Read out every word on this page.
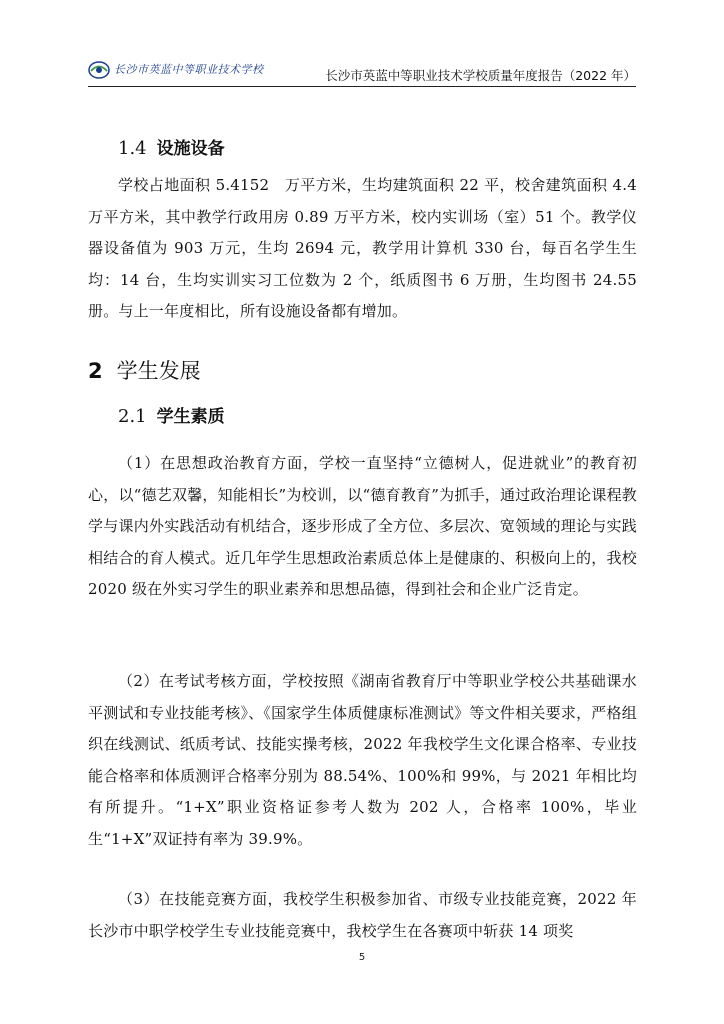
长沙市英蓝中等职业技术学校	长沙市英蓝中等职业技术学校质量年度报告（2022 年）
1.4 设施设备

学校占地面积 5.4152　万平方米，生均建筑面积 22 平，校舍建筑面积 4.4 万平方米，其中教学行政用房 0.89 万平方米，校内实训场（室）51 个。教学仪器设备值为 903 万元，生均 2694 元，教学用计算机 330 台，每百名学生生均：14 台，生均实训实习工位数为 2 个，纸质图书 6 万册，生均图书 24.55 册。与上一年度相比，所有设施设备都有增加。

2 学生发展
2.1 学生素质

（1）在思想政治教育方面，学校一直坚持“立德树人，促进就业”的教育初心，以“德艺双馨，知能相长”为校训，以“德育教育”为抓手，通过政治理论课程教学与课内外实践活动有机结合，逐步形成了全方位、多层次、宽领域的理论与实践相结合的育人模式。近几年学生思想政治素质总体上是健康的、积极向上的，我校 2020 级在外实习学生的职业素养和思想品德，得到社会和企业广泛肯定。

（2）在考试考核方面，学校按照《湖南省教育厅中等职业学校公共基础课水平测试和专业技能考核》、《国家学生体质健康标准测试》等文件相关要求，严格组织在线测试、纸质考试、技能实操考核，2022 年我校学生文化课合格率、专业技能合格率和体质测评合格率分别为 88.54%、100%和 99%，与 2021 年相比均有所提升。“1+X”职业资格证参考人数为 202 人，合格率 100%，毕业生“1+X”双证持有率为 39.9%。

（3）在技能竞赛方面，我校学生积极参加省、市级专业技能竞赛，2022 年长沙市中职学校学生专业技能竞赛中，我校学生在各赛项中斩获 14 项奖

5
